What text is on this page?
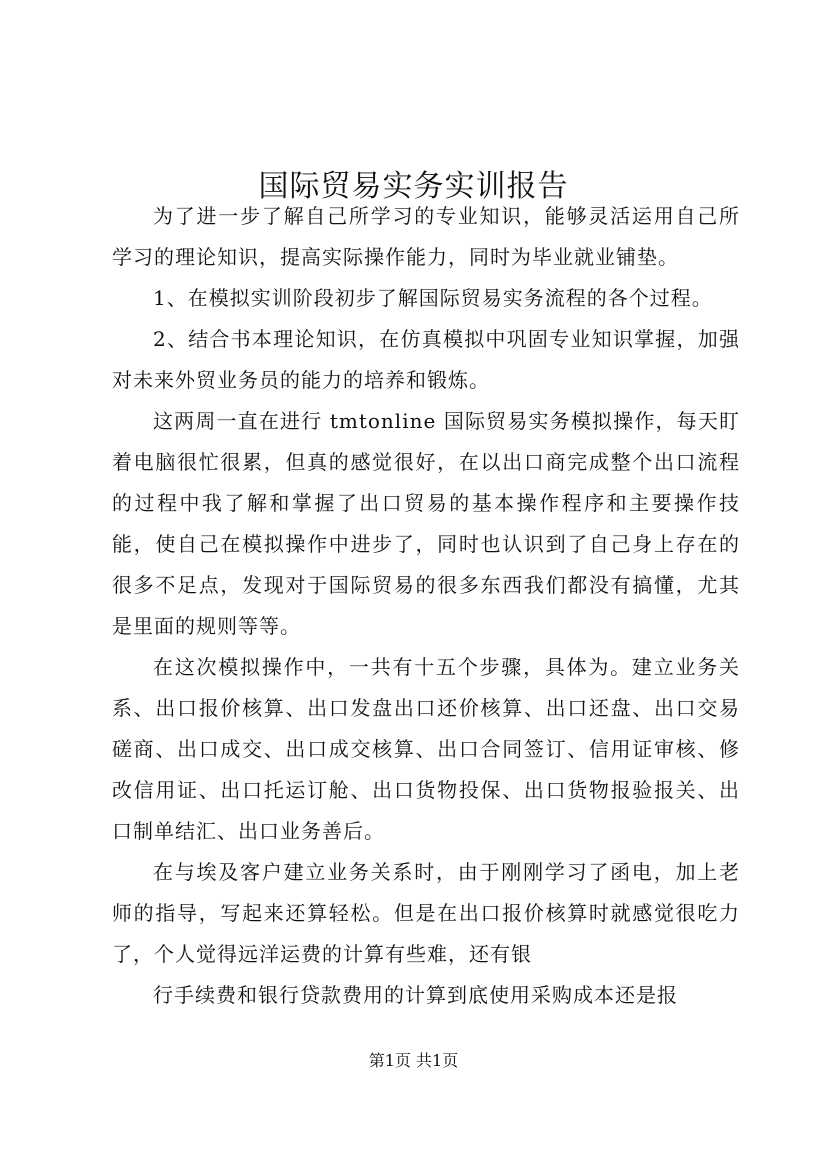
国际贸易实务实训报告

为了进一步了解自己所学习的专业知识，能够灵活运用自己所学习的理论知识，提高实际操作能力，同时为毕业就业铺垫。

1、在模拟实训阶段初步了解国际贸易实务流程的各个过程。

2、结合书本理论知识，在仿真模拟中巩固专业知识掌握，加强对未来外贸业务员的能力的培养和锻炼。

这两周一直在进行 tmtonline 国际贸易实务模拟操作，每天盯着电脑很忙很累，但真的感觉很好，在以出口商完成整个出口流程的过程中我了解和掌握了出口贸易的基本操作程序和主要操作技能，使自己在模拟操作中进步了，同时也认识到了自己身上存在的很多不足点，发现对于国际贸易的很多东西我们都没有搞懂，尤其是里面的规则等等。

在这次模拟操作中，一共有十五个步骤，具体为。建立业务关系、出口报价核算、出口发盘出口还价核算、出口还盘、出口交易磋商、出口成交、出口成交核算、出口合同签订、信用证审核、修改信用证、出口托运订舱、出口货物投保、出口货物报验报关、出口制单结汇、出口业务善后。

在与埃及客户建立业务关系时，由于刚刚学习了函电，加上老师的指导，写起来还算轻松。但是在出口报价核算时就感觉很吃力了，个人觉得远洋运费的计算有些难，还有银

行手续费和银行贷款费用的计算到底使用采购成本还是报

第1页 共1页
